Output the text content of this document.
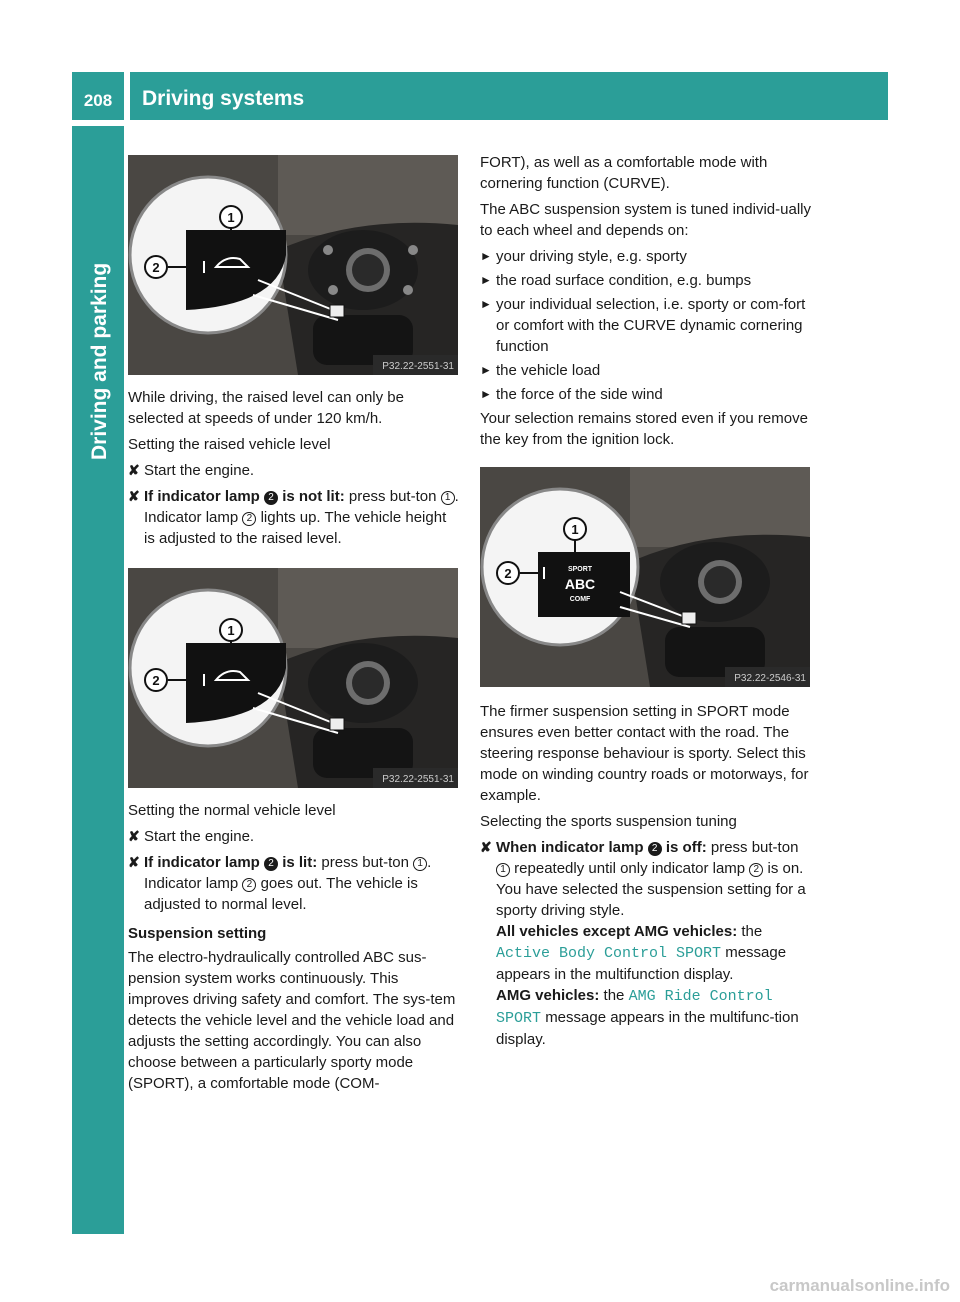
208	Driving systems
Driving and parking
1
2
P32.22-2551-31

While driving, the raised level can only be selected at speeds of under 120 km/h.

Setting the raised vehicle level

✘ Start the engine.
✘ If indicator lamp 2 is not lit: press but-ton 1 .
Indicator lamp 2 lights up. The vehicle height is adjusted to the raised level.
1
2
P32.22-2551-31

Setting the normal vehicle level

✘ Start the engine.
✘ If indicator lamp 2 is lit: press but-ton 1 .
Indicator lamp 2 goes out. The vehicle is adjusted to normal level.
Suspension setting

The electro-hydraulically controlled ABC sus-pension system works continuously. This improves driving safety and comfort. The sys-tem detects the vehicle level and the vehicle load and adjusts the setting accordingly. You can also choose between a particularly sporty mode (SPORT), a comfortable mode (COM-

FORT), as well as a comfortable mode with cornering function (CURVE).

The ABC suspension system is tuned individ-ually to each wheel and depends on:

► your driving style, e.g. sporty
► the road surface condition, e.g. bumps
► your individual selection, i.e. sporty or com-fort or comfort with the CURVE dynamic cornering function
► the vehicle load
► the force of the side wind

Your selection remains stored even if you remove the key from the ignition lock.

SPORT
ABC
COMF
1
2
P32.22-2546-31

The firmer suspension setting in SPORT mode ensures even better contact with the road. The steering response behaviour is sporty. Select this mode on winding country roads or motorways, for example.

Selecting the sports suspension tuning

✘ When indicator lamp 2 is off: press but-ton 1 repeatedly until only indicator lamp 2 is on.
You have selected the suspension setting for a sporty driving style.
All vehicles except AMG vehicles: the Active Body Control SPORT message appears in the multifunction display.
AMG vehicles: the AMG Ride Control SPORT message appears in the multifunc-tion display.
carmanualsonline.info
